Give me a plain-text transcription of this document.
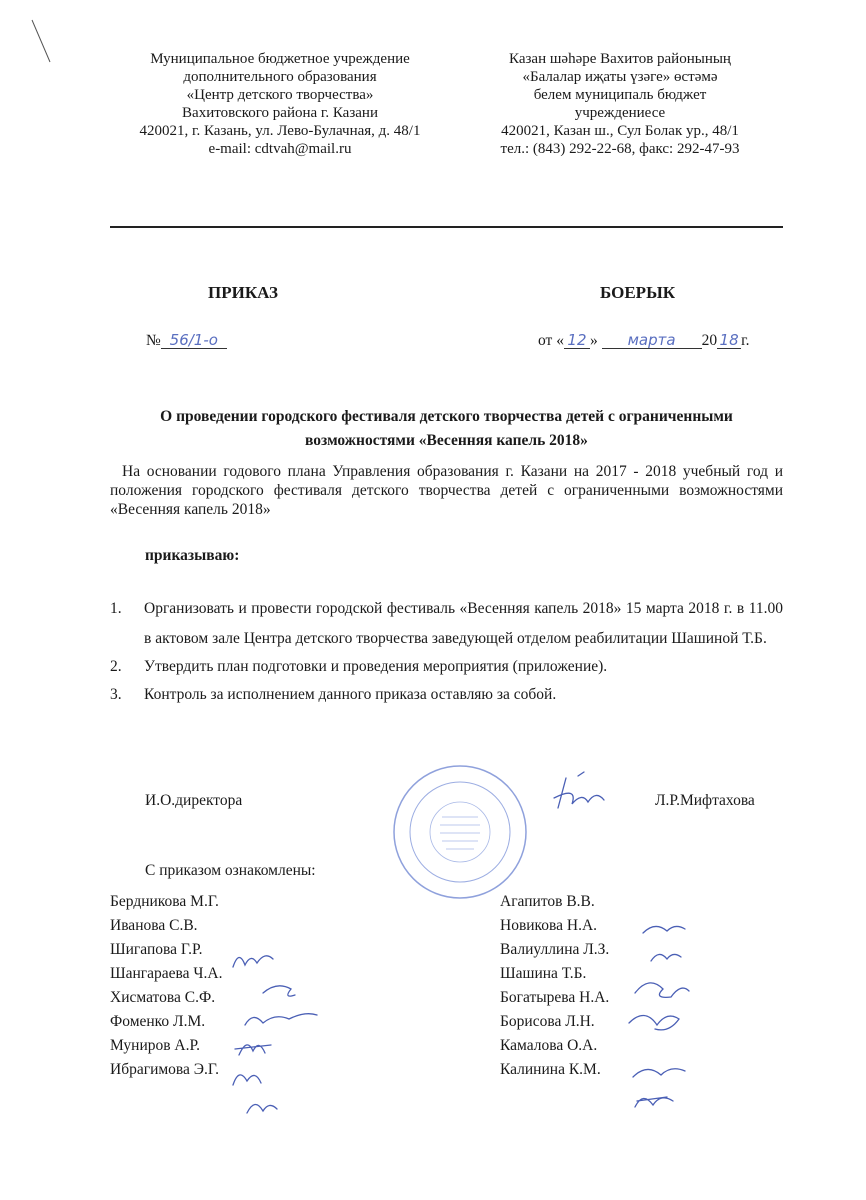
Муниципальное бюджетное учреждение
дополнительного образования
«Центр детского творчества»
Вахитовского района г. Казани
420021, г. Казань, ул. Лево-Булачная, д. 48/1
e-mail: cdtvah@mail.ru
Казан шәһәре Вахитов районының
«Балалар иҗаты үзәге» өстәмә
белем муниципаль бюджет
учреждениесе
420021, Казан ш., Сул Болак ур., 48/1
тел.: (843) 292-22-68, факс: 292-47-93
ПРИКАЗ	БОЕРЫК
№ 56/1-о	от « 12 » марта 20 18 г.
О проведении городского фестиваля детского творчества детей с ограниченными
возможностями «Весенняя капель 2018»

На основании годового плана Управления образования г. Казани на 2017 - 2018 учебный год и положения городского фестиваля детского творчества детей с ограниченными возможностями «Весенняя капель 2018»

приказываю:
1.	Организовать и провести городской фестиваль «Весенняя капель 2018» 15 марта 2018 г. в 11.00 в актовом зале Центра детского творчества заведующей отделом реабилитации Шашиной Т.Б.
2.	Утвердить план подготовки и проведения мероприятия (приложение).
3.	Контроль за исполнением данного приказа оставляю за собой.
И.О.директора	Л.Р.Мифтахова
С приказом ознакомлены:
Бердникова М.Г.
Иванова С.В.
Шигапова Г.Р.
Шангараева Ч.А.
Хисматова С.Ф.
Фоменко Л.М.
Муниров А.Р.
Ибрагимова Э.Г.
Агапитов В.В.
Новикова Н.А.
Валиуллина Л.З.
Шашина Т.Б.
Богатырева Н.А.
Борисова Л.Н.
Камалова О.А.
Калинина К.М.
